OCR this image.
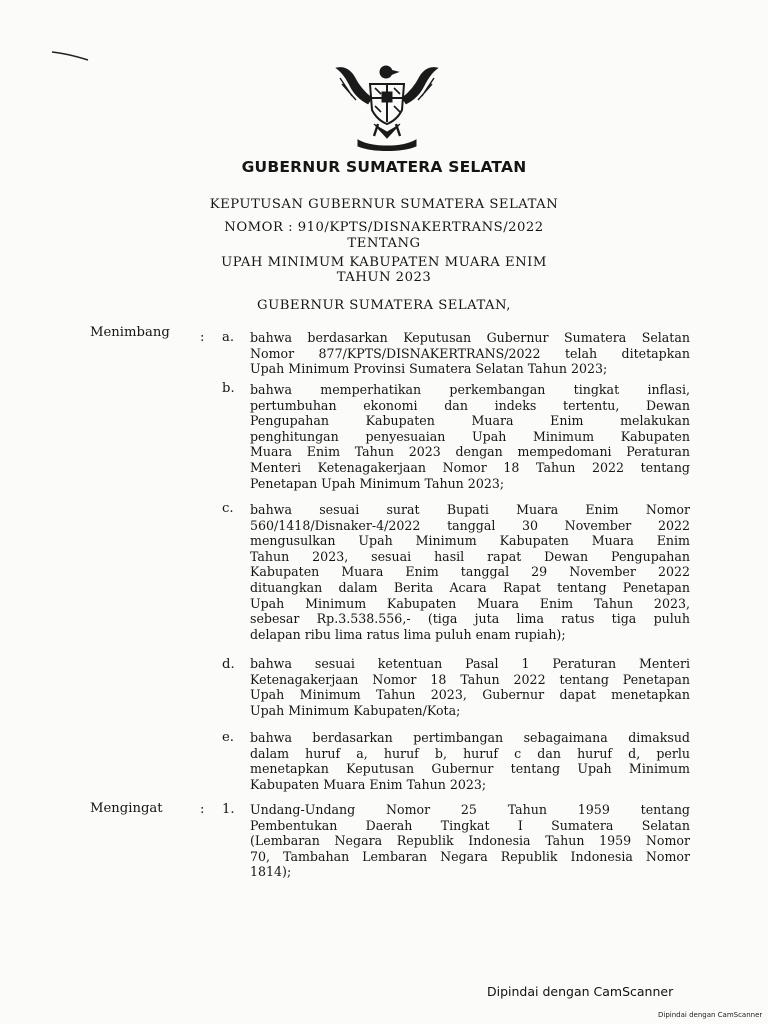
GUBERNUR SUMATERA SELATAN
KEPUTUSAN GUBERNUR SUMATERA SELATAN
NOMOR : 910/KPTS/DISNAKERTRANS/2022
TENTANG
UPAH MINIMUM KABUPATEN MUARA ENIM
TAHUN 2023
GUBERNUR SUMATERA SELATAN,
Menimbang : a. bahwa berdasarkan Keputusan Gubernur Sumatera Selatan
Nomor 877/KPTS/DISNAKERTRANS/2022 telah ditetapkan
Upah Minimum Provinsi Sumatera Selatan Tahun 2023;
b. bahwa memperhatikan perkembangan tingkat inflasi,
pertumbuhan ekonomi dan indeks tertentu, Dewan
Pengupahan Kabupaten Muara Enim melakukan
penghitungan penyesuaian Upah Minimum Kabupaten
Muara Enim Tahun 2023 dengan mempedomani Peraturan
Menteri Ketenagakerjaan Nomor 18 Tahun 2022 tentang
Penetapan Upah Minimum Tahun 2023;
c. bahwa sesuai surat Bupati Muara Enim Nomor
560/1418/Disnaker-4/2022 tanggal 30 November 2022
mengusulkan Upah Minimum Kabupaten Muara Enim
Tahun 2023, sesuai hasil rapat Dewan Pengupahan
Kabupaten Muara Enim tanggal 29 November 2022
dituangkan dalam Berita Acara Rapat tentang Penetapan
Upah Minimum Kabupaten Muara Enim Tahun 2023,
sebesar Rp.3.538.556,- (tiga juta lima ratus tiga puluh
delapan ribu lima ratus lima puluh enam rupiah);
d. bahwa sesuai ketentuan Pasal 1 Peraturan Menteri
Ketenagakerjaan Nomor 18 Tahun 2022 tentang Penetapan
Upah Minimum Tahun 2023, Gubernur dapat menetapkan
Upah Minimum Kabupaten/Kota;
e. bahwa berdasarkan pertimbangan sebagaimana dimaksud
dalam huruf a, huruf b, huruf c dan huruf d, perlu
menetapkan Keputusan Gubernur tentang Upah Minimum
Kabupaten Muara Enim Tahun 2023;
Mengingat	: 1. Undang-Undang Nomor 25 Tahun 1959 tentang
Pembentukan Daerah Tingkat I Sumatera Selatan
(Lembaran Negara Republik Indonesia Tahun 1959 Nomor
70, Tambahan Lembaran Negara Republik Indonesia Nomor
1814);
Dipindai dengan CamScanner
Dipindai dengan CamScanner
